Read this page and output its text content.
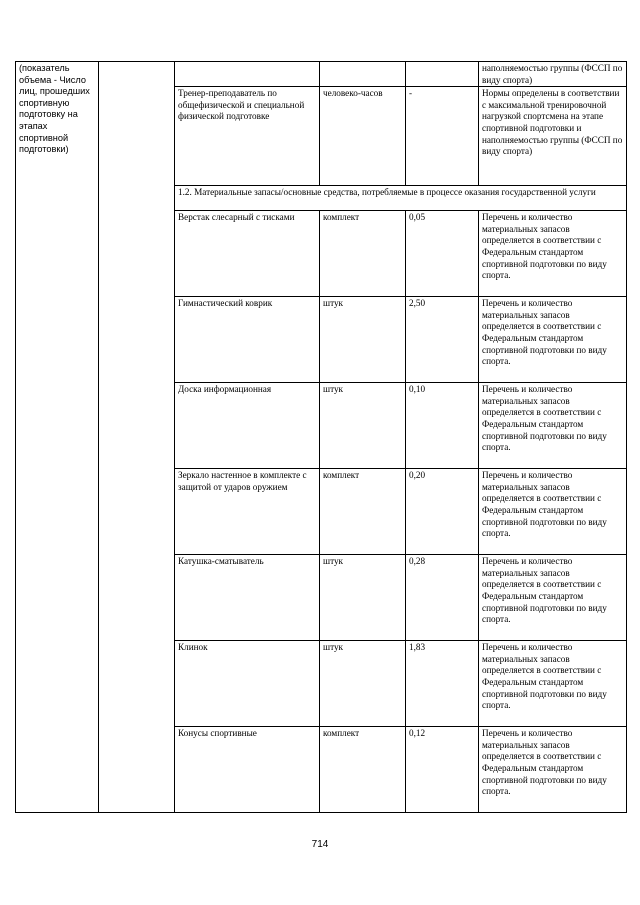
(показатель объема - Число лиц, прошедших спортивную подготовку на этапах спортивной подготовки)					наполняемостью группы (ФССП по виду спорта)
		Тренер-преподаватель по общефизической и специальной физической подготовке	человеко-часов	-	Нормы определены в соответствии с максимальной тренировочной нагрузкой спортсмена на этапе спортивной подготовки и наполняемостью группы (ФССП по виду спорта)
		1.2. Материальные запасы/основные средства, потребляемые в процессе оказания государственной услуги			
		Верстак слесарный с тисками	комплект	0,05	Перечень и количество материальных запасов определяется в соответствии с Федеральным стандартом спортивной подготовки по виду спорта.
		Гимнастический коврик	штук	2,50	Перечень и количество материальных запасов определяется в соответствии с Федеральным стандартом спортивной подготовки по виду спорта.
		Доска информационная	штук	0,10	Перечень и количество материальных запасов определяется в соответствии с Федеральным стандартом спортивной подготовки по виду спорта.
		Зеркало настенное в комплекте с защитой от ударов оружием	комплект	0,20	Перечень и количество материальных запасов определяется в соответствии с Федеральным стандартом спортивной подготовки по виду спорта.
		Катушка-сматыватель	штук	0,28	Перечень и количество материальных запасов определяется в соответствии с Федеральным стандартом спортивной подготовки по виду спорта.
		Клинок	штук	1,83	Перечень и количество материальных запасов определяется в соответствии с Федеральным стандартом спортивной подготовки по виду спорта.
		Конусы спортивные	комплект	0,12	Перечень и количество материальных запасов определяется в соответствии с Федеральным стандартом спортивной подготовки по виду спорта.
714
